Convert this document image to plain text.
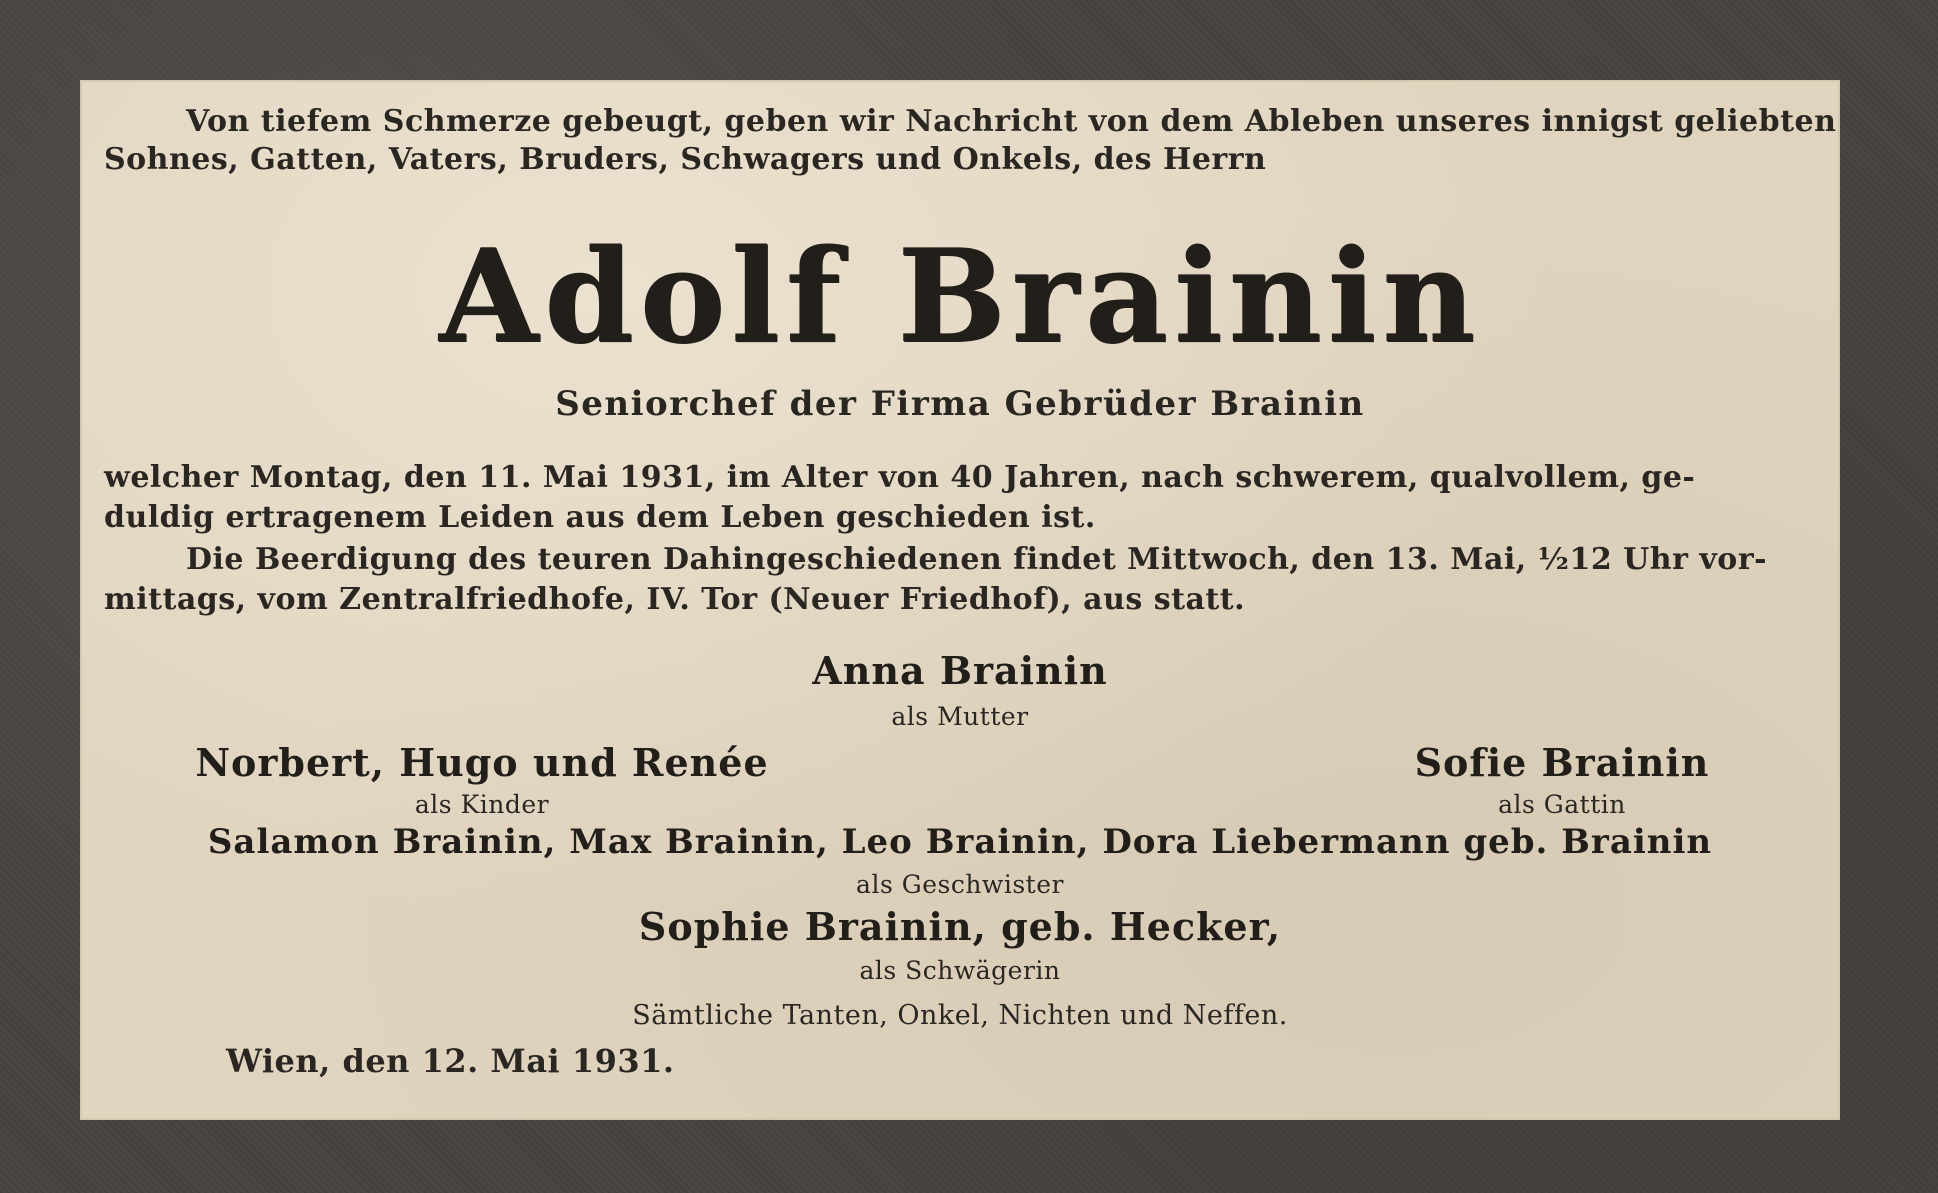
Von tiefem Schmerze gebeugt, geben wir Nachricht von dem Ableben unseres innigst geliebten

Sohnes, Gatten, Vaters, Bruders, Schwagers und Onkels, des Herrn

Adolf Brainin

Seniorchef der Firma Gebrüder Brainin

welcher Montag, den 11. Mai 1931, im Alter von 40 Jahren, nach schwerem, qualvollem, ge-

duldig ertragenem Leiden aus dem Leben geschieden ist.

Die Beerdigung des teuren Dahingeschiedenen findet Mittwoch, den 13. Mai, ½12 Uhr vor-

mittags, vom Zentralfriedhofe, IV. Tor (Neuer Friedhof), aus statt.

Anna Brainin

als Mutter

Norbert, Hugo und Renée

als Kinder

Sofie Brainin

als Gattin

Salamon Brainin, Max Brainin, Leo Brainin, Dora Liebermann geb. Brainin

als Geschwister

Sophie Brainin, geb. Hecker,

als Schwägerin

Sämtliche Tanten, Onkel, Nichten und Neffen.

Wien, den 12. Mai 1931.
